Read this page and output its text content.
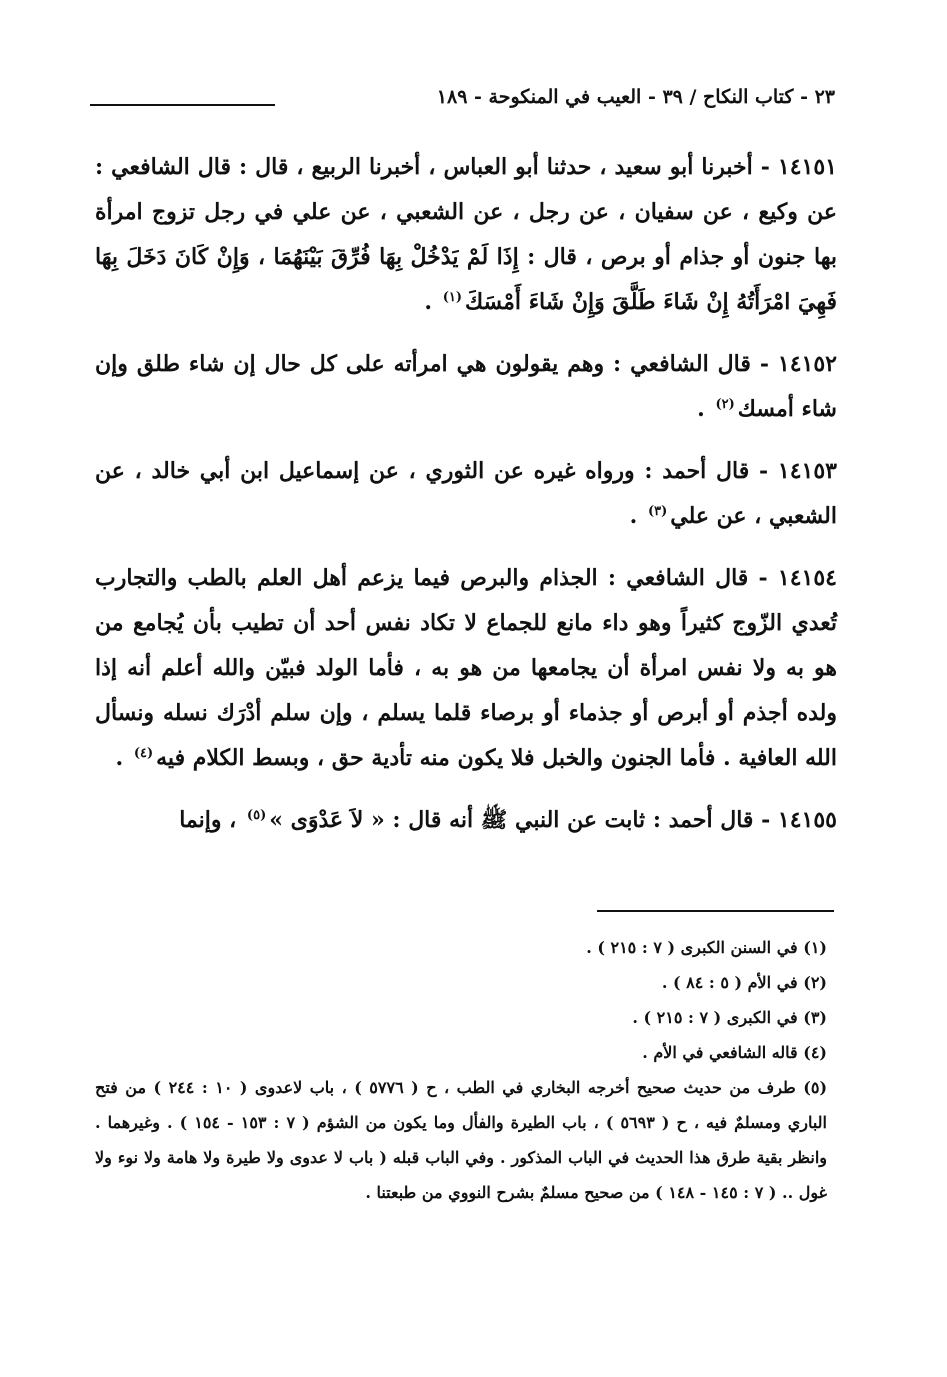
٢٣ - كتاب النكاح / ٣٩ - العيب في المنكوحة - ١٨٩

١٤١٥١ - أخبرنا أبو سعيد ، حدثنا أبو العباس ، أخبرنا الربيع ، قال : قال الشافعي : عن وكيع ، عن سفيان ، عن رجل ، عن الشعبي ، عن علي في رجل تزوج امرأة بها جنون أو جذام أو برص ، قال : إِذَا لَمْ يَدْخُلْ بِهَا فُرِّقَ بَيْنَهُمَا ، وَإِنْ كَانَ دَخَلَ بِهَا فَهِيَ امْرَأَتُهُ إِنْ شَاءَ طَلَّقَ وَإِنْ شَاءَ أَمْسَكَ$^{(١)}$ .

١٤١٥٢ - قال الشافعي : وهم يقولون هي امرأته على كل حال إن شاء طلق وإن شاء أمسك$^{(٢)}$ .

١٤١٥٣ - قال أحمد : ورواه غيره عن الثوري ، عن إسماعيل ابن أبي خالد ، عن الشعبي ، عن علي$^{(٣)}$ .

١٤١٥٤ - قال الشافعي : الجذام والبرص فيما يزعم أهل العلم بالطب والتجارب تُعدي الزّوج كثيراً وهو داء مانع للجماع لا تكاد نفس أحد أن تطيب بأن يُجامع من هو به ولا نفس امرأة أن يجامعها من هو به ، فأما الولد فبيّن والله أعلم أنه إذا ولده أجذم أو أبرص أو جذماء أو برصاء قلما يسلم ، وإن سلم أدْرَك نسله ونسأل الله العافية . فأما الجنون والخبل فلا يكون منه تأدية حق ، وبسط الكلام فيه$^{(٤)}$ .

١٤١٥٥ - قال أحمد : ثابت عن النبي ﷺ أنه قال : « لاَ عَدْوَى »$^{(٥)}$ ، وإنما

(١) في السنن الكبرى ( ٧ : ٢١٥ ) .

(٢) في الأم ( ٥ : ٨٤ ) .

(٣) في الكبرى ( ٧ : ٢١٥ ) .

(٤) قاله الشافعي في الأم .

(٥) طرف من حديث صحيح أخرجه البخاري في الطب ، ح ( ٥٧٧٦ ) ، باب لاعدوى ( ١٠ : ٢٤٤ ) من فتح الباري ومسلمٌ فيه ، ح ( ٥٦٩٣ ) ، باب الطيرة والفأل وما يكون من الشؤم ( ٧ : ١٥٣ - ١٥٤ ) . وغيرهما . وانظر بقية طرق هذا الحديث في الباب المذكور . وفي الباب قبله ( باب لا عدوى ولا طيرة ولا هامة ولا نوء ولا غول .. ( ٧ : ١٤٥ - ١٤٨ ) من صحيح مسلمٌ بشرح النووي من طبعتنا .
